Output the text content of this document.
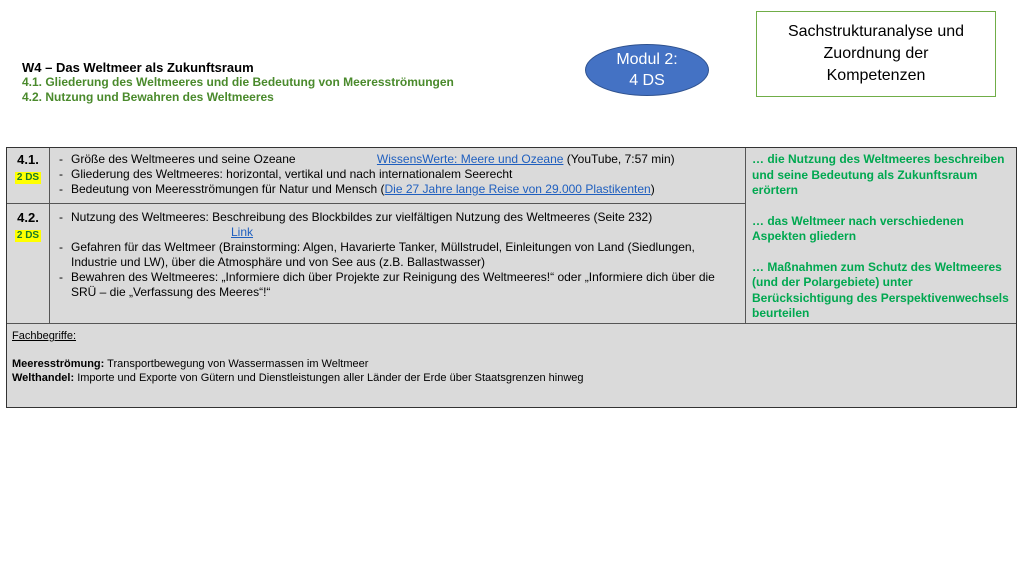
W4 – Das Weltmeer als Zukunftsraum
4.1. Gliederung des Weltmeeres und die Bedeutung von Meeresströmungen
4.2. Nutzung und Bewahren des Weltmeeres
Modul 2:
4 DS
Sachstrukturanalyse und
Zuordnung der
Kompetenzen
4.1.
2 DS
- Größe des Weltmeeres und seine Ozeane	WissensWerte: Meere und Ozeane (YouTube, 7:57 min)
- Gliederung des Weltmeeres: horizontal, vertikal und nach internationalem Seerecht
- Bedeutung von Meeresströmungen für Natur und Mensch (Die 27 Jahre lange Reise von 29.000 Plastikenten)
4.2.
2 DS
- Nutzung des Weltmeeres: Beschreibung des Blockbildes zur vielfältigen Nutzung des Weltmeeres (Seite 232)
Link
- Gefahren für das Weltmeer (Brainstorming: Algen, Havarierte Tanker, Müllstrudel, Einleitungen von Land (Siedlungen, Industrie und LW), über die Atmosphäre und von See aus (z.B. Ballastwasser)
- Bewahren des Weltmeeres: „Informiere dich über Projekte zur Reinigung des Weltmeeres!“ oder „Informiere dich über die SRÜ – die „Verfassung des Meeres“!“

… die Nutzung des Weltmeeres beschreiben und seine Bedeutung als Zukunftsraum erörtern

… das Weltmeer nach verschiedenen Aspekten gliedern

… Maßnahmen zum Schutz des Weltmeeres (und der Polargebiete) unter Berücksichtigung des Perspektivenwechsels beurteilen

Fachbegriffe:
Meeresströmung: Transportbewegung von Wassermassen im Weltmeer
Welthandel: Importe und Exporte von Gütern und Dienstleistungen aller Länder der Erde über Staatsgrenzen hinweg
